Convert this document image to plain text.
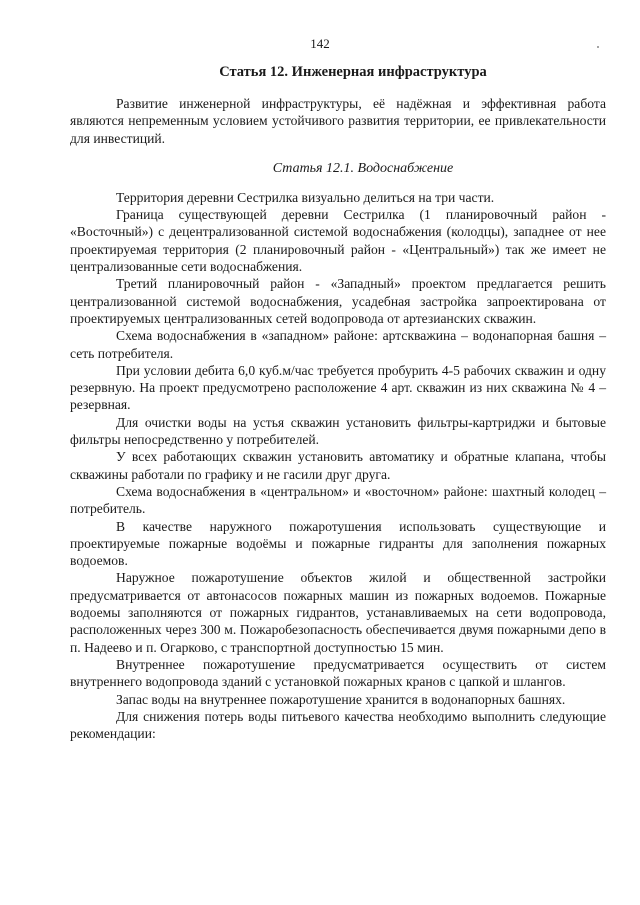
142
Статья 12. Инженерная инфраструктура

Развитие инженерной инфраструктуры, её надёжная и эффективная работа являются непременным условием устойчивого развития территории, ее привлекательности для инвестиций.

Статья 12.1. Водоснабжение

Территория деревни Сестрилка визуально делиться на три части.

Граница существующей деревни Сестрилка (1 планировочный район - «Восточный») с децентрализованной системой водоснабжения (колодцы), западнее от нее проектируемая территория (2 планировочный район - «Центральный») так же имеет не централизованные сети водоснабжения.

Третий планировочный район - «Западный» проектом предлагается решить централизованной системой водоснабжения, усадебная застройка запроектирована от проектируемых централизованных сетей водопровода от артезианских скважин.

Схема водоснабжения в «западном» районе: артскважина – водонапорная башня – сеть потребителя.

При условии дебита 6,0 куб.м/час требуется пробурить 4-5 рабочих скважин и одну резервную. На проект предусмотрено расположение 4 арт. скважин из них скважина № 4 – резервная.

Для очистки воды на устья скважин установить фильтры-картриджи и бытовые фильтры непосредственно у потребителей.

У всех работающих скважин установить автоматику и обратные клапана, чтобы скважины работали по графику и не гасили друг друга.

Схема водоснабжения в «центральном» и «восточном» районе: шахтный колодец – потребитель.

В качестве наружного пожаротушения использовать существующие и проектируемые пожарные водоёмы и пожарные гидранты для заполнения пожарных водоемов.

Наружное пожаротушение объектов жилой и общественной застройки предусматривается от автонасосов пожарных машин из пожарных водоемов. Пожарные водоемы заполняются от пожарных гидрантов, устанавливаемых на сети водопровода, расположенных через 300 м. Пожаробезопасность обеспечивается двумя пожарными депо в п. Надеево и п. Огарково, с транспортной доступностью 15 мин.

Внутреннее пожаротушение предусматривается осуществить от систем внутреннего водопровода зданий с установкой пожарных кранов с цапкой и шлангов.

Запас воды на внутреннее пожаротушение хранится в водонапорных башнях.

Для снижения потерь воды питьевого качества необходимо выполнить следующие рекомендации:
